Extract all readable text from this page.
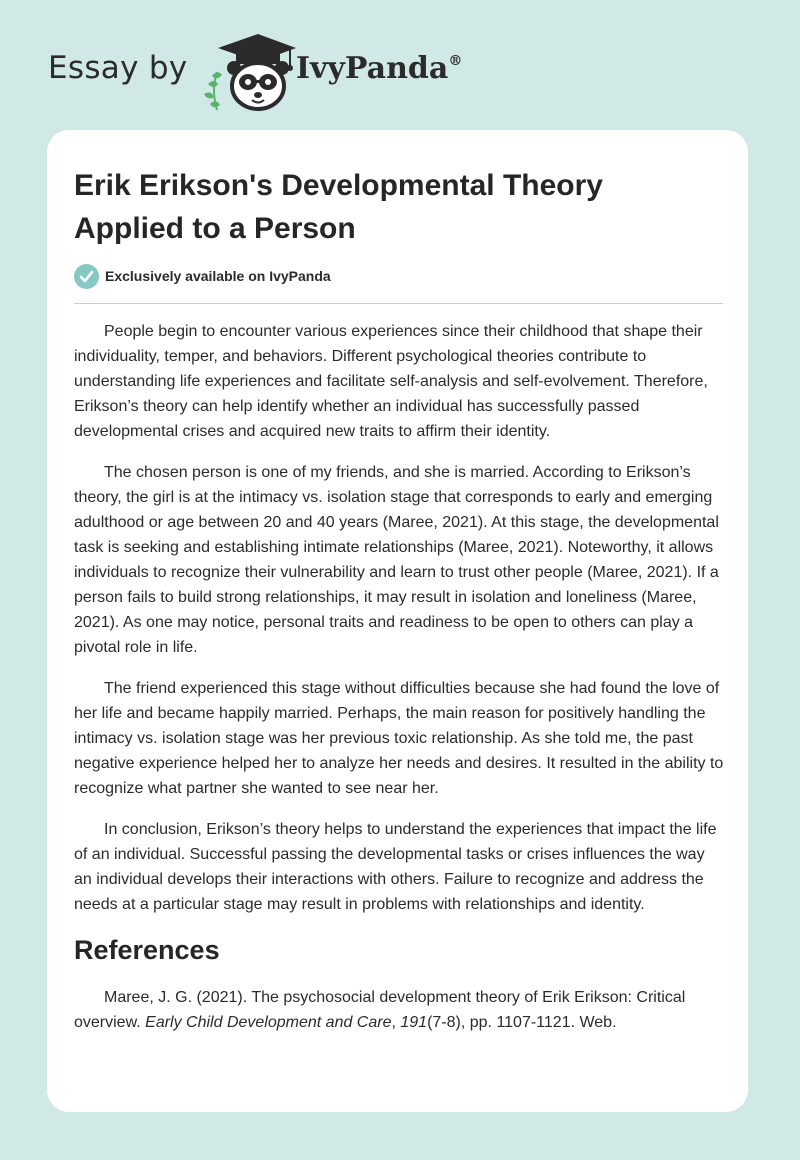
Essay by	IvyPanda®
Erik Erikson's Developmental Theory Applied to a Person
Exclusively available on IvyPanda

People begin to encounter various experiences since their childhood that shape their individuality, temper, and behaviors. Different psychological theories contribute to understanding life experiences and facilitate self-analysis and self-evolvement. Therefore, Erikson’s theory can help identify whether an individual has successfully passed developmental crises and acquired new traits to affirm their identity.

The chosen person is one of my friends, and she is married. According to Erikson’s theory, the girl is at the intimacy vs. isolation stage that corresponds to early and emerging adulthood or age between 20 and 40 years (Maree, 2021). At this stage, the developmental task is seeking and establishing intimate relationships (Maree, 2021). Noteworthy, it allows individuals to recognize their vulnerability and learn to trust other people (Maree, 2021). If a person fails to build strong relationships, it may result in isolation and loneliness (Maree, 2021). As one may notice, personal traits and readiness to be open to others can play a pivotal role in life.

The friend experienced this stage without difficulties because she had found the love of her life and became happily married. Perhaps, the main reason for positively handling the intimacy vs. isolation stage was her previous toxic relationship. As she told me, the past negative experience helped her to analyze her needs and desires. It resulted in the ability to recognize what partner she wanted to see near her.

In conclusion, Erikson’s theory helps to understand the experiences that impact the life of an individual. Successful passing the developmental tasks or crises influences the way an individual develops their interactions with others. Failure to recognize and address the needs at a particular stage may result in problems with relationships and identity.

References

Maree, J. G. (2021). The psychosocial development theory of Erik Erikson: Critical overview. Early Child Development and Care, 191(7-8), pp. 1107-1121. Web.
